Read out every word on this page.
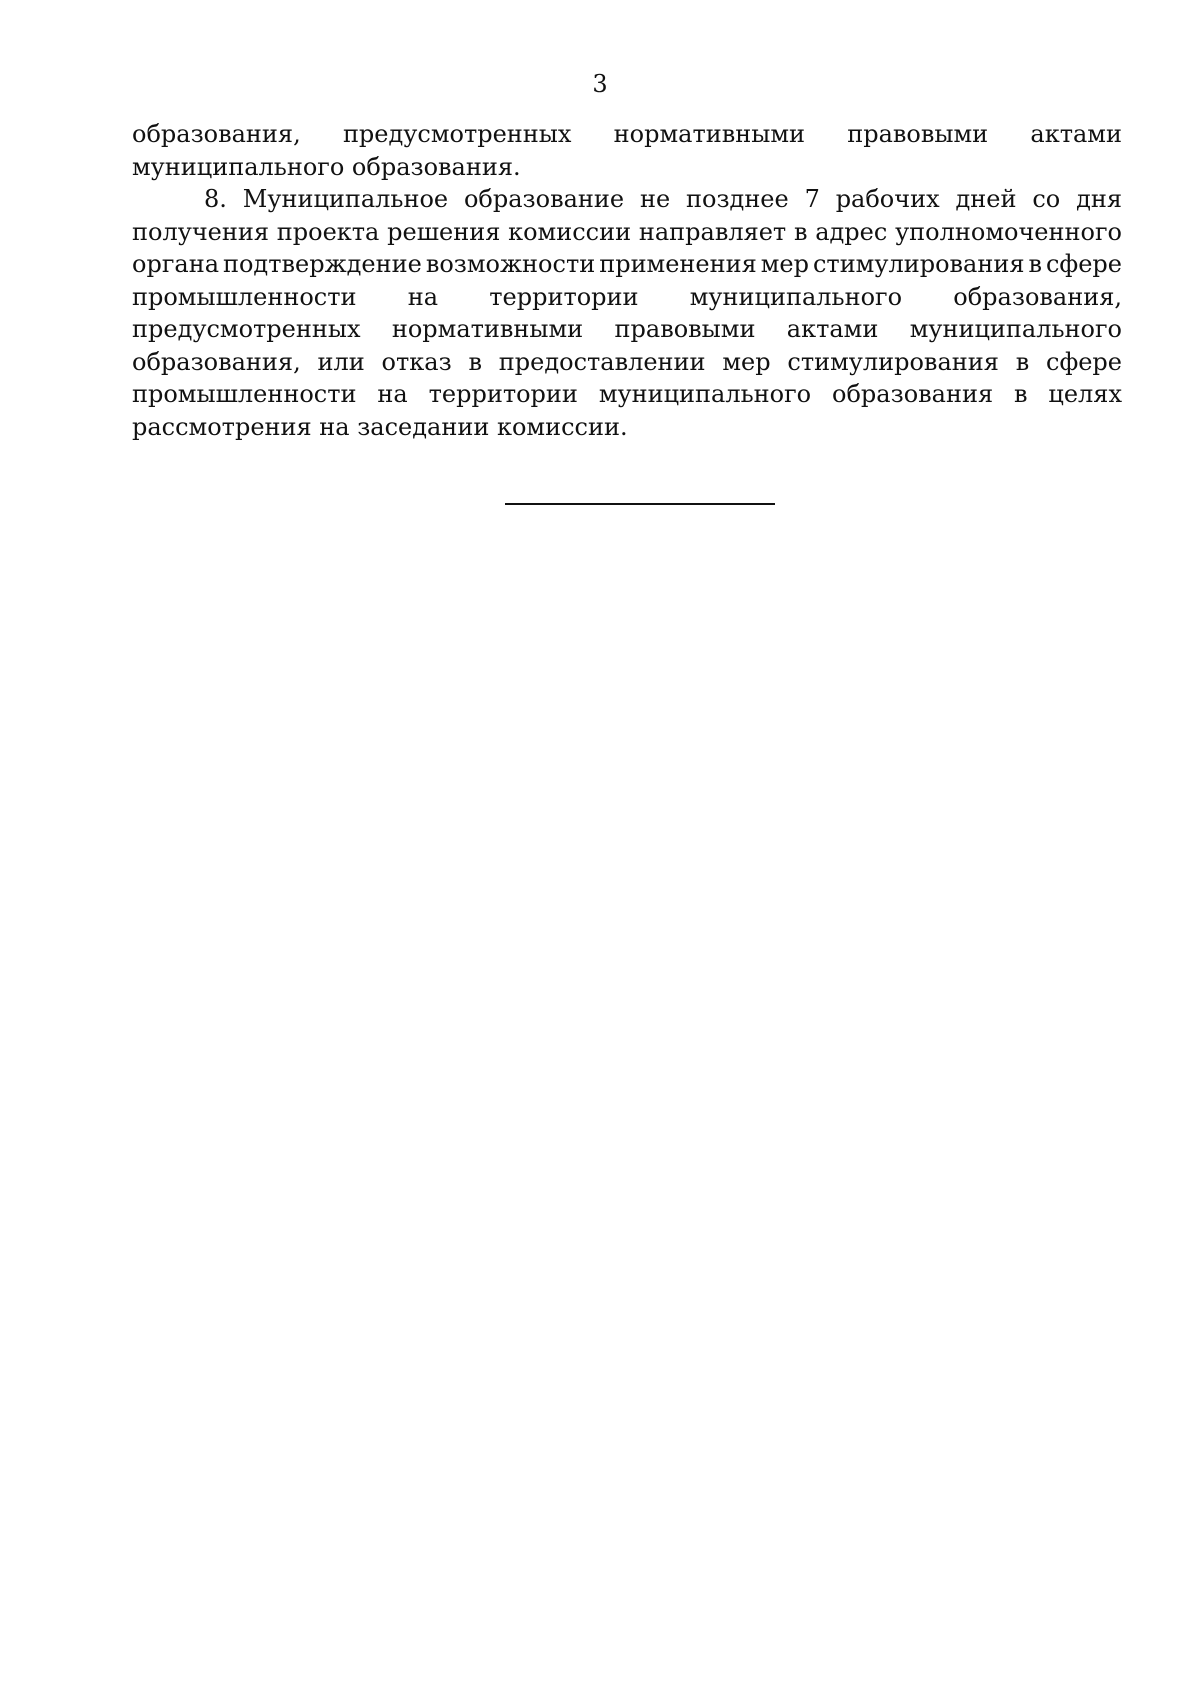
3
образования, предусмотренных нормативными правовыми актами
муниципального образования.
8. Муниципальное образование не позднее 7 рабочих дней со дня
получения проекта решения комиссии направляет в адрес уполномоченного
органа подтверждение возможности применения мер стимулирования в сфере
промышленности на территории муниципального образования,
предусмотренных нормативными правовыми актами муниципального
образования, или отказ в предоставлении мер стимулирования в сфере
промышленности на территории муниципального образования в целях
рассмотрения на заседании комиссии.
